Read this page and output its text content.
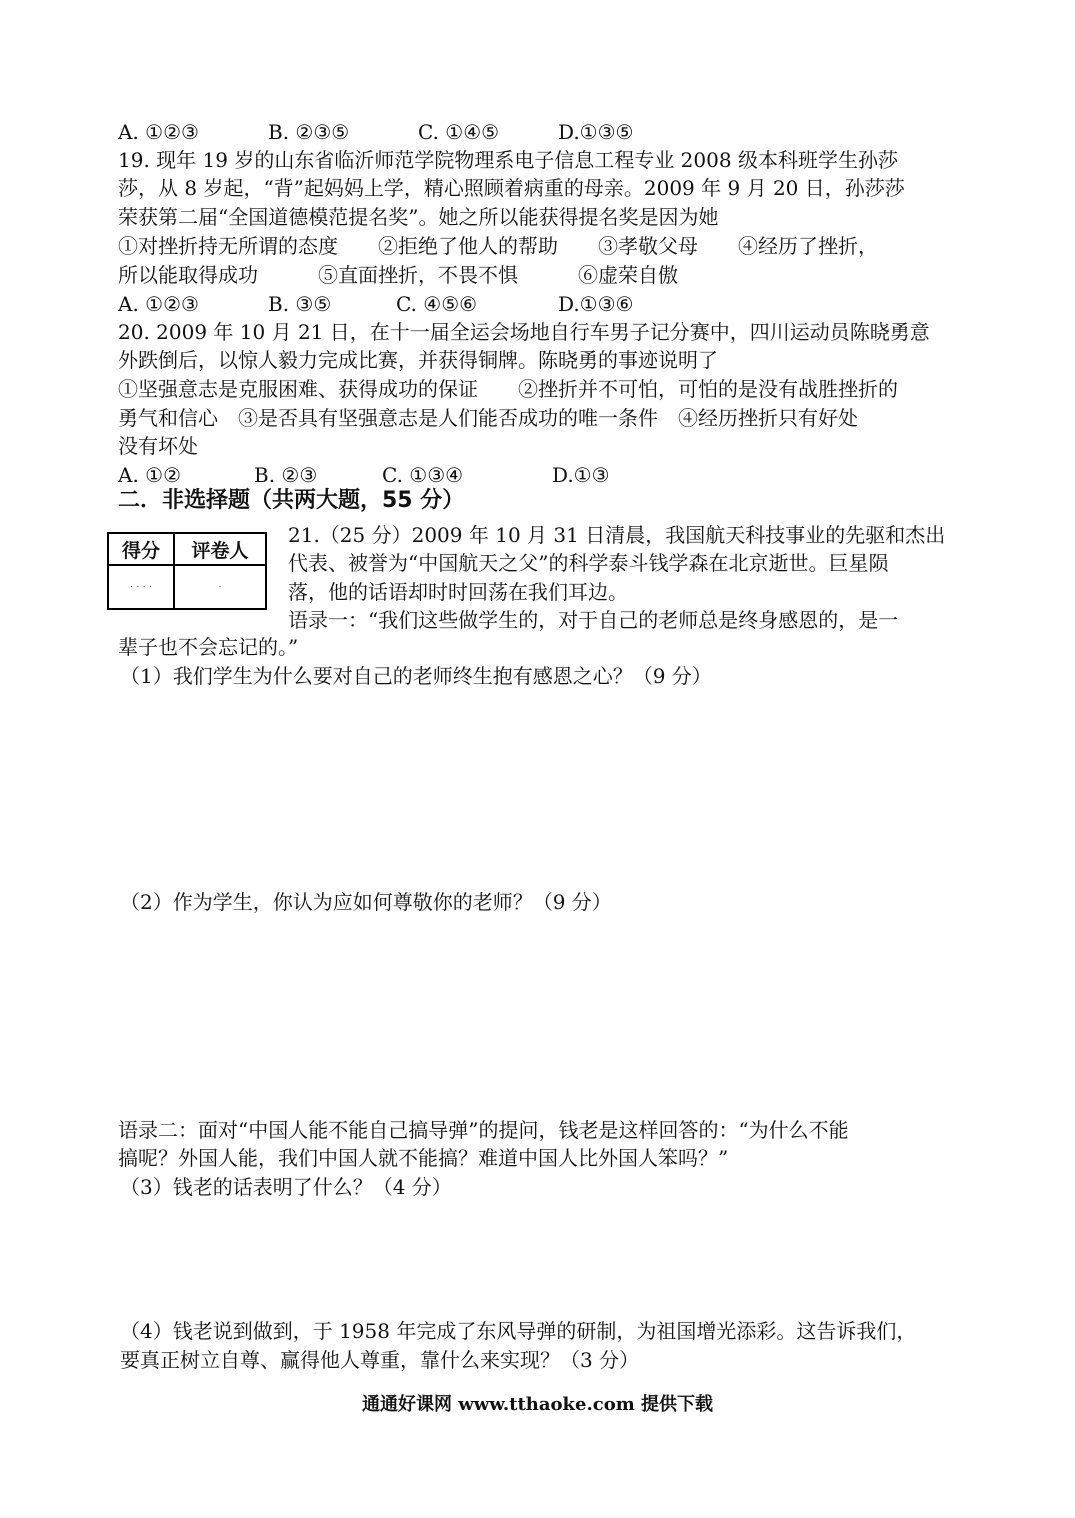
A. ①②③	B. ②③⑤	C. ①④⑤	D.①③⑤
19. 现年 19 岁的山东省临沂师范学院物理系电子信息工程专业 2008 级本科班学生孙莎
莎，从 8 岁起，“背”起妈妈上学，精心照顾着病重的母亲。2009 年 9 月 20 日，孙莎莎
荣获第二届“全国道德模范提名奖”。她之所以能获得提名奖是因为她
①对挫折持无所谓的态度　　②拒绝了他人的帮助　　③孝敬父母　　④经历了挫折，
所以能取得成功　　　⑤直面挫折，不畏不惧　　　⑥虚荣自傲
A. ①②③	B. ③⑤	C. ④⑤⑥	D.①③⑥
20. 2009 年 10 月 21 日，在十一届全运会场地自行车男子记分赛中，四川运动员陈晓勇意
外跌倒后，以惊人毅力完成比赛，并获得铜牌。陈晓勇的事迹说明了
①坚强意志是克服困难、获得成功的保证　　②挫折并不可怕，可怕的是没有战胜挫折的
勇气和信心　③是否具有坚强意志是人们能否成功的唯一条件　④经历挫折只有好处
没有坏处
A. ①②	B. ②③	C. ①③④	D.①③
二．非选择题（共两大题，55 分）
得分	评卷人
· · · ·	·
21.（25 分）2009 年 10 月 31 日清晨，我国航天科技事业的先驱和杰出
代表、被誉为“中国航天之父”的科学泰斗钱学森在北京逝世。巨星陨
落，他的话语却时时回荡在我们耳边。
语录一：“我们这些做学生的，对于自己的老师总是终身感恩的，是一
辈子也不会忘记的。”
（1）我们学生为什么要对自己的老师终生抱有感恩之心？（9 分）
（2）作为学生，你认为应如何尊敬你的老师？（9 分）
语录二：面对“中国人能不能自己搞导弹”的提问，钱老是这样回答的：“为什么不能
搞呢？外国人能，我们中国人就不能搞？难道中国人比外国人笨吗？”
（3）钱老的话表明了什么？（4 分）
（4）钱老说到做到，于 1958 年完成了东风导弹的研制，为祖国增光添彩。这告诉我们，
要真正树立自尊、赢得他人尊重，靠什么来实现？（3 分）
通通好课网 www.tthaoke.com 提供下载
